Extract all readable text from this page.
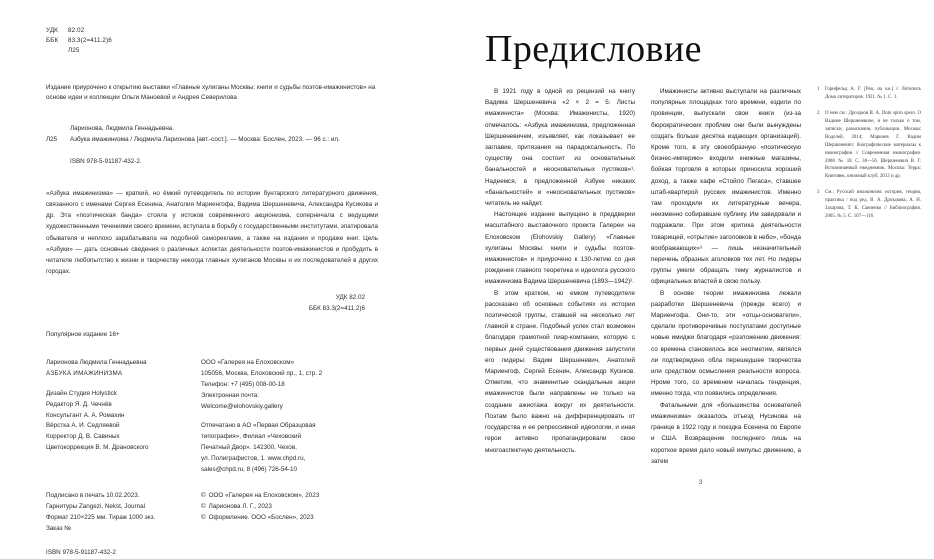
УДК	82.02
ББК	83.3(2=411.2)6
Л25
Издание приурочено к открытию выставки «Главные хулиганы Москвы: книги и судьбы поэтов-имажинистов» на основе идеи и коллекции Ольги Маноевой и Андрея Северилова
Ларионова, Людмила Геннадьевна.
Л25	Азбука имажинизма / Людмила Ларионова [авт.-сост.]. — Москва: Бослен, 2023. — 96 с.: ил.
ISBN 978-5-91187-432-2.
«Азбука имажинизма» — краткий, но ёмкий путеводитель по истории бунтарского литературного движения, связанного с именами Сергея Есенина, Анатолия Мариенгофа, Вадима Шершеневича, Александра Кусикова и др. Эта «поэтическая банда» стояла у истоков современного акционизма, соперничала с ведущими художественными течениями своего времени, вступала в борьбу с государственными институтами, эпатировала обывателя и неплохо зарабатывала на подобной саморекламе, а также на издании и продаже книг. Цель «Азбуки» — дать основные сведения о различных аспектах деятельности поэтов-имажинистов и пробудить в читателе любопытство к жизни и творчеству некогда главных хулиганов Москвы и их последователей в других городах.
УДК 82.02
ББК 83.3(2=411.2)6
Популярное издание 16+
Ларионова Людмила Геннадьевна
АЗБУКА ИМАЖИНИЗМА
Дизайн Студия Holystick
Редактор Я. Д. Чечнёв
Консультант А. А. Ромахин
Вёрстка А. И. Седляевой
Корректор Д. В. Савиных
Цветокоррекция В. М. Драновского
ООО «Галерея на Елоховском»
105056, Москва, Елоховский пр., 1, стр. 2
Телефон: +7 (495) 008-00-18
Электронная почта:
Welcome@elohovskiy.gallery
Отпечатано в АО «Первая Образцовая
типография», Филиал «Чеховский
Печатный Двор». 142300, Чехов,
ул. Полиграфистов, 1. www.chpd.ru,
sales@chpd.ru, 8 (496) 726-54-10
Подписано в печать 10.02.2023.
Гарнитуры Zangezi, Nekst, Journal
Формат 210×225 мм. Тираж 1000 экз.
Заказ №
ISBN 978-5-91187-432-2
© ООО «Галерея на Елоховском», 2023
© Ларионова Л. Г., 2023
© Оформление. ООО «Бослен», 2023
Предисловие

В 1921 году в одной из рецензий на книгу Вадима Шершеневича «2 × 2 = 5: Листы имажиниста» (Москва: Имажинисты, 1920) отмечалось: «Азбука имажинизма, предложенная Шершеневичем, изъявляет, как показывает ее заглавие, притязания на парадоксальность. По существу она состоит из основательных банальностей и неосновательных пустяков»¹. Надеемся, в предложенной Азбуке никаких «банальностей» и «неосновательных пустяков» читатель не найдет.

Настоящее издание выпущено в преддверии масштабного выставочного проекта Галереи на Елоховском (Elohovskiy Gallery) «Главные хулиганы Москвы: книги и судьбы поэтов-имажинистов» и приурочено к 130-летию со дня рождения главного теоретика и идеолога русского имажинизма Вадима Шершеневича (1893—1942)².

В этом кратком, но емком путеводителе рассказано об основных событиях из истории поэтической группы, ставшей на несколько лет главной в стране. Подобный успех стал возможен благодаря грамотной пиар-компании, которую с первых дней существования движения запустили его лидеры: Вадим Шершеневич, Анатолий Мариенгоф, Сергей Есенин, Александр Кусиков. Отметим, что знаменитые скандальные акции имажинистов были направлены не только на создание ажиотажа вокруг их деятельности. Поэтам было важно на дифференцировать от государства и ее репрессивной идеологии, и иная герои активно пропагандировали свою многоаспектную деятельность.

Имажинисты активно выступали на различных популярных площадках того времени, ездили по провинции, выпускали свои книги (из-за бюрократических проблем они были вынуждены создать больше десятка издающих организаций). Кроме того, в эту своеобразную «поэтическую бизнес-империю» входили книжные магазины, бойкая торговля в которых приносила хороший доход, а также кафе «Стойло Пегаса», ставшее штаб-квартирой русских имажинистов. Именно там проходили их литературные вечера, неизменно собиравшие публику. Им завидовали и подражали. При этом критика деятельности товарищей, «отрытие» заголовков в небо», «бонда воображающих»³ — лишь незначительный перечень образных аголовков тех лет. Но лидеры группы умели обращать тему журналистов и официальных властей в свою пользу.

В основе теории имажинизма лежали разработки Шершеневича (прежде всего) и Мариенгофа. Они-то, эти «отцы-основатели», сделали противоречивые постулатами доступные новые имиджи благодаря «рэзложению движения: со времена становилось все неотметим, являлся ли подтверждено обла перешедшее творчества или средством осмысления реальности вопроса. Нроме того, со временем началась тенденция, именно тогда, что появились определения.

Фатальными для «большинства основателей имажинизма» оказалось отъезд Нусинова на границе в 1922 году и поездка Есенина по Европе и США. Возвращение последнего лишь на короткое время дало новый импульс движению, а затем

1	Горнфельд А. Г. [Рец. на кн.] // Летопись Дома литераторов. 1921. № 1. С. 1.
2	О нем см.: Дроздков В. А. Dum spiro spero. О Вадиме Шершеневиче, и не только о том, записки, разыскания, публикации. Москва: Водолей, 2014; Маркиев Г. Вадим Шершеневич: биографические материалы к иконографии // Современная иконография. 2008. № 18. С. 38—56. Шершеневич В. Г. Вспоминаемый ежедневник. Москва: Терра: Книговек, книжный клуб, 2013 и др.
3	См.: Русский имажинизм: история, теория, практика / под ред. В. А. Дроздкова, А. Н. Захарова, Т. К. Савченко // Библиография. 2005. № 5. С. 107—116.
3
